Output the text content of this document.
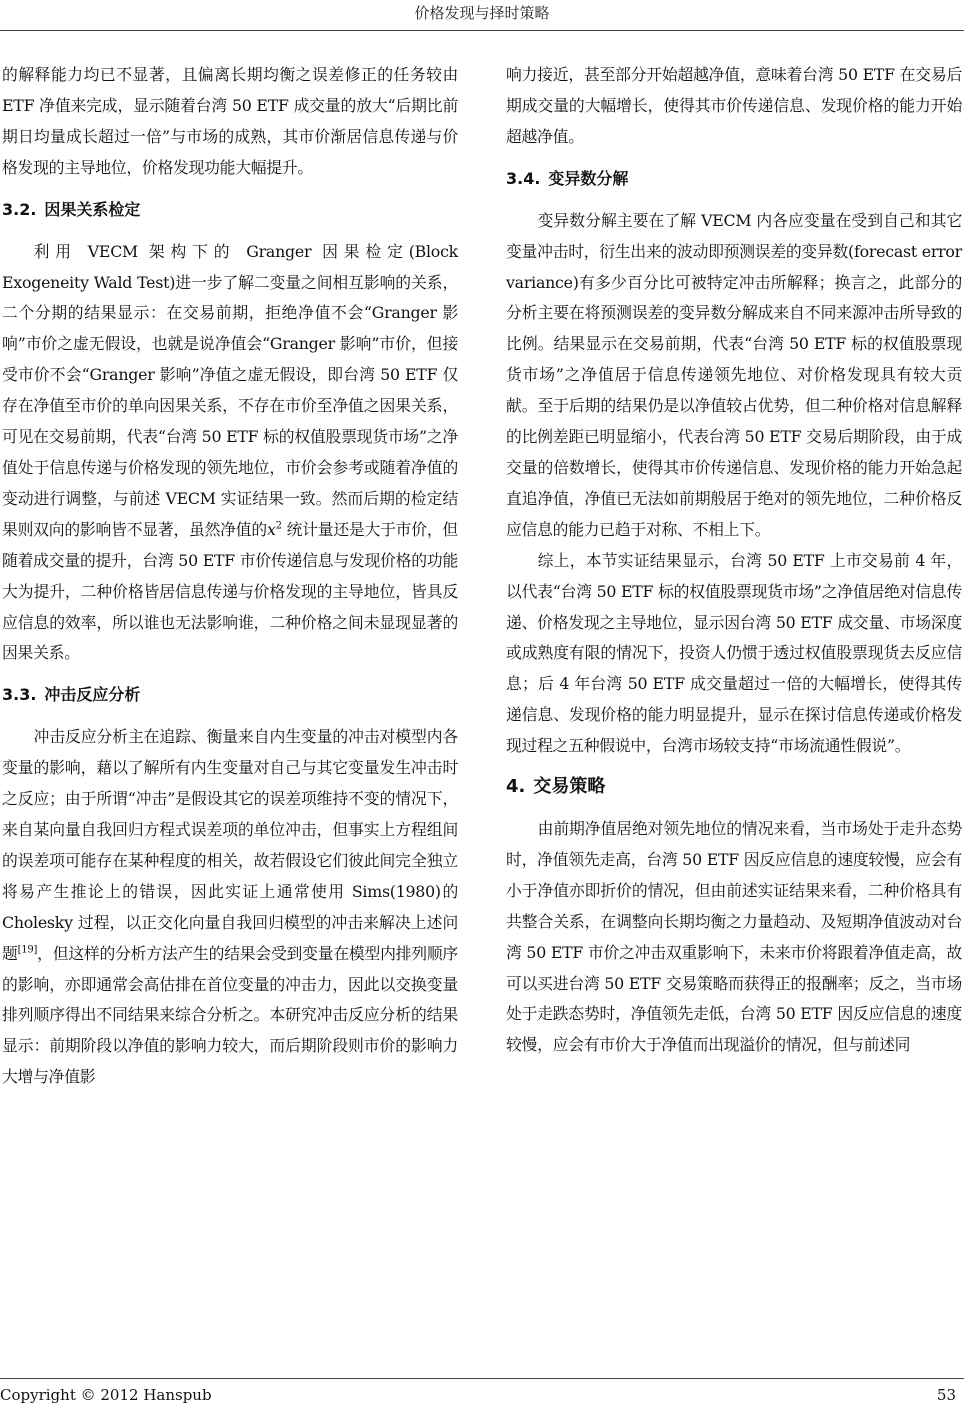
价格发现与择时策略

的解释能力均已不显著，且偏离长期均衡之误差修正的任务较由 ETF 净值来完成，显示随着台湾 50 ETF 成交量的放大“后期比前期日均量成长超过一倍”与市场的成熟，其市价渐居信息传递与价格发现的主导地位，价格发现功能大幅提升。

3.2. 因果关系检定

利用 VECM 架构下的 Granger 因果检定(Block Exogeneity Wald Test)进一步了解二变量之间相互影响的关系，二个分期的结果显示：在交易前期，拒绝净值不会“Granger 影响”市价之虚无假设，也就是说净值会“Granger 影响”市价，但接受市价不会“Granger 影响”净值之虚无假设，即台湾 50 ETF 仅存在净值至市价的单向因果关系，不存在市价至净值之因果关系，可见在交易前期，代表“台湾 50 ETF 标的权值股票现货市场”之净值处于信息传递与价格发现的领先地位，市价会参考或随着净值的变动进行调整，与前述 VECM 实证结果一致。然而后期的检定结果则双向的影响皆不显著，虽然净值的$x^2$ 统计量还是大于市价，但随着成交量的提升，台湾 50 ETF 市价传递信息与发现价格的功能大为提升，二种价格皆居信息传递与价格发现的主导地位，皆具反应信息的效率，所以谁也无法影响谁，二种价格之间未显现显著的因果关系。

3.3. 冲击反应分析

冲击反应分析主在追踪、衡量来自内生变量的冲击对模型内各变量的影响，藉以了解所有内生变量对自己与其它变量发生冲击时之反应；由于所谓“冲击”是假设其它的误差项维持不变的情况下，来自某向量自我回归方程式误差项的单位冲击，但事实上方程组间的误差项可能存在某种程度的相关，故若假设它们彼此间完全独立将易产生推论上的错误，因此实证上通常使用 Sims(1980)的 Cholesky 过程，以正交化向量自我回归模型的冲击来解决上述问题[19]，但这样的分析方法产生的结果会受到变量在模型内排列顺序的影响，亦即通常会高估排在首位变量的冲击力，因此以交换变量排列顺序得出不同结果来综合分析之。本研究冲击反应分析的结果显示：前期阶段以净值的影响力较大，而后期阶段则市价的影响力大增与净值影

响力接近，甚至部分开始超越净值，意味着台湾 50 ETF 在交易后期成交量的大幅增长，使得其市价传递信息、发现价格的能力开始超越净值。

3.4. 变异数分解

变异数分解主要在了解 VECM 内各应变量在受到自己和其它变量冲击时，衍生出来的波动即预测误差的变异数(forecast error variance)有多少百分比可被特定冲击所解释；换言之，此部分的分析主要在将预测误差的变异数分解成来自不同来源冲击所导致的比例。结果显示在交易前期，代表“台湾 50 ETF 标的权值股票现货市场”之净值居于信息传递领先地位、对价格发现具有较大贡献。至于后期的结果仍是以净值较占优势，但二种价格对信息解释的比例差距已明显缩小，代表台湾 50 ETF 交易后期阶段，由于成交量的倍数增长，使得其市价传递信息、发现价格的能力开始急起直追净值，净值已无法如前期般居于绝对的领先地位，二种价格反应信息的能力已趋于对称、不相上下。

综上，本节实证结果显示，台湾 50 ETF 上市交易前 4 年，以代表“台湾 50 ETF 标的权值股票现货市场”之净值居绝对信息传递、价格发现之主导地位，显示因台湾 50 ETF 成交量、市场深度或成熟度有限的情况下，投资人仍惯于透过权值股票现货去反应信息；后 4 年台湾 50 ETF 成交量超过一倍的大幅增长，使得其传递信息、发现价格的能力明显提升，显示在探讨信息传递或价格发现过程之五种假说中，台湾市场较支持“市场流通性假说”。

4. 交易策略

由前期净值居绝对领先地位的情况来看，当市场处于走升态势时，净值领先走高，台湾 50 ETF 因反应信息的速度较慢，应会有小于净值亦即折价的情况，但由前述实证结果来看，二种价格具有共整合关系，在调整向长期均衡之力量趋动、及短期净值波动对台湾 50 ETF 市价之冲击双重影响下，未来市价将跟着净值走高，故可以买进台湾 50 ETF 交易策略而获得正的报酬率；反之，当市场处于走跌态势时，净值领先走低，台湾 50 ETF 因反应信息的速度较慢，应会有市价大于净值而出现溢价的情况，但与前述同

Copyright © 2012 Hanspub	53
